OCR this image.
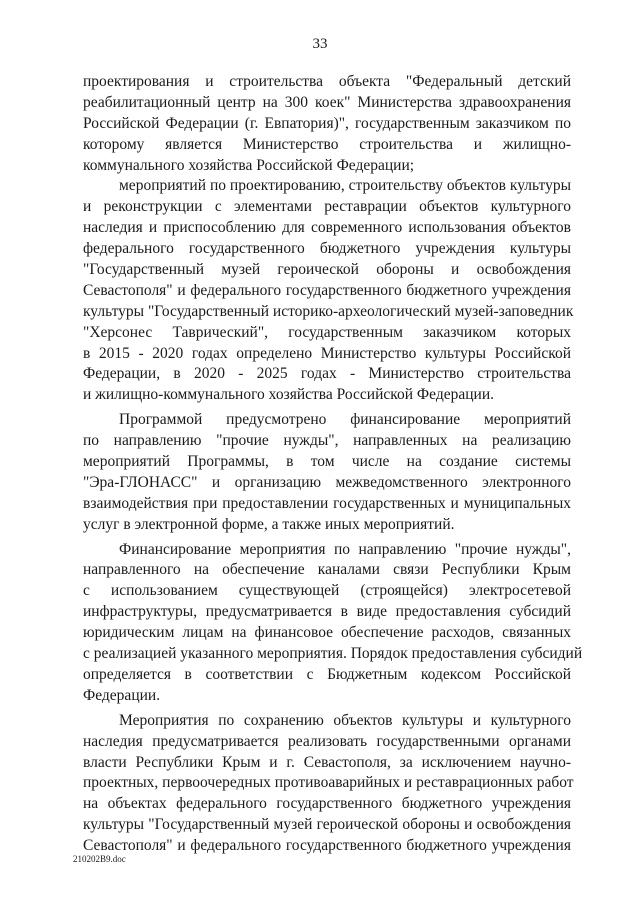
33
проектирования и строительства объекта "Федеральный детский
реабилитационный центр на 300 коек" Министерства здравоохранения
Российской Федерации (г. Евпатория)", государственным заказчиком по
которому является Министерство строительства и жилищно-
коммунального хозяйства Российской Федерации;
мероприятий по проектированию, строительству объектов культуры
и реконструкции с элементами реставрации объектов культурного
наследия и приспособлению для современного использования объектов
федерального государственного бюджетного учреждения культуры
"Государственный музей героической обороны и освобождения
Севастополя" и федерального государственного бюджетного учреждения
культуры "Государственный историко-археологический музей-заповедник
"Херсонес Таврический", государственным заказчиком которых
в 2015 - 2020 годах определено Министерство культуры Российской
Федерации, в 2020 - 2025 годах - Министерство строительства
и жилищно-коммунального хозяйства Российской Федерации.
Программой предусмотрено финансирование мероприятий
по направлению "прочие нужды", направленных на реализацию
мероприятий Программы, в том числе на создание системы
"Эра-ГЛОНАСС" и организацию межведомственного электронного
взаимодействия при предоставлении государственных и муниципальных
услуг в электронной форме, а также иных мероприятий.
Финансирование мероприятия по направлению "прочие нужды",
направленного на обеспечение каналами связи Республики Крым
с использованием существующей (строящейся) электросетевой
инфраструктуры, предусматривается в виде предоставления субсидий
юридическим лицам на финансовое обеспечение расходов, связанных
с реализацией указанного мероприятия. Порядок предоставления субсидий
определяется в соответствии с Бюджетным кодексом Российской
Федерации.
Мероприятия по сохранению объектов культуры и культурного
наследия предусматривается реализовать государственными органами
власти Республики Крым и г. Севастополя, за исключением научно-
проектных, первоочередных противоаварийных и реставрационных работ
на объектах федерального государственного бюджетного учреждения
культуры "Государственный музей героической обороны и освобождения
Севастополя" и федерального государственного бюджетного учреждения
210202B9.doc
